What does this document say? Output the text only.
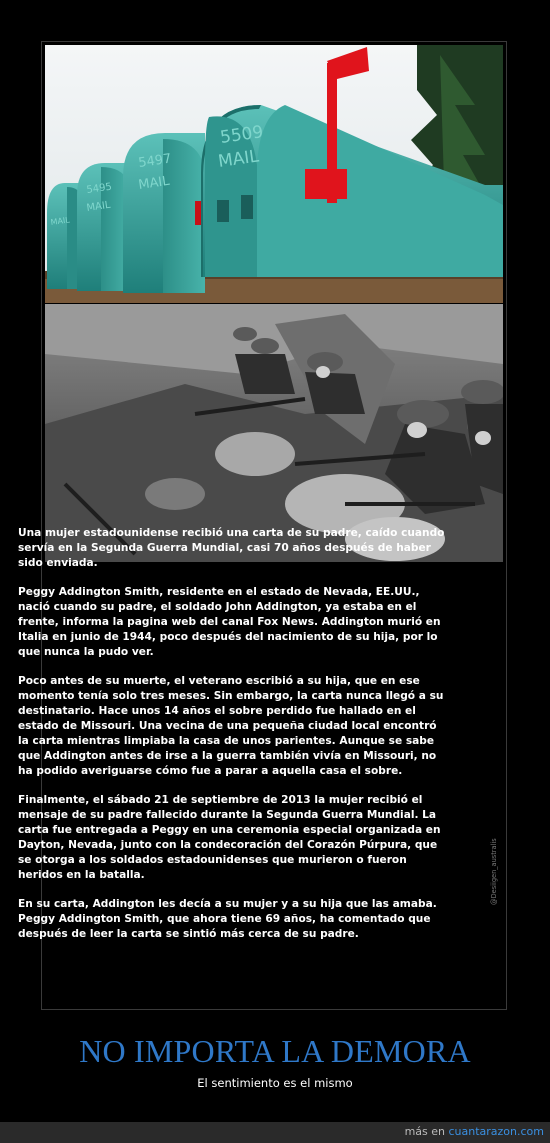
5509
MAIL
5497
MAIL
5495
MAIL
MAIL
@Desiigen_australis

Una mujer estadounidense recibió una carta de su padre, caído cuando servía en la Segunda Guerra Mundial, casi 70 años después de haber sido enviada.

Peggy Addington Smith, residente en el estado de Nevada, EE.UU., nació cuando su padre, el soldado John Addington, ya estaba en el frente, informa la pagina web del canal Fox News. Addington murió en Italia en junio de 1944, poco después del nacimiento de su hija, por lo que nunca la pudo ver.

Poco antes de su muerte, el veterano escribió a su hija, que en ese momento tenía solo tres meses. Sin embargo, la carta nunca llegó a su destinatario. Hace unos 14 años el sobre perdido fue hallado en el estado de Missouri. Una vecina de una pequeña ciudad local encontró la carta mientras limpiaba la casa de unos parientes. Aunque se sabe que Addington antes de irse a la guerra también vivía en Missouri, no ha podido averiguarse cómo fue a parar a aquella casa el sobre.

Finalmente, el sábado 21 de septiembre de 2013 la mujer recibió el mensaje de su padre fallecido durante la Segunda Guerra Mundial. La carta fue entregada a Peggy en una ceremonia especial organizada en Dayton, Nevada, junto con la condecoración del Corazón Púrpura, que se otorga a los soldados estadounidenses que murieron o fueron heridos en la batalla.

En su carta, Addington les decía a su mujer y a su hija que las amaba. Peggy Addington Smith, que ahora tiene 69 años, ha comentado que después de leer la carta se sintió más cerca de su padre.

NO IMPORTA LA DEMORA
El sentimiento es el mismo
más en cuantarazon.com
